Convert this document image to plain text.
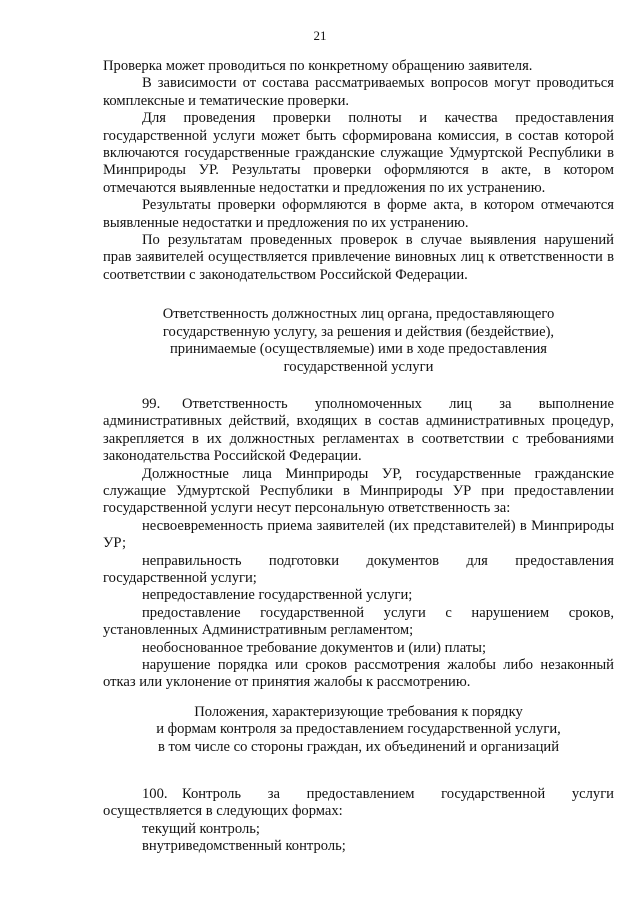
21

Проверка может проводиться по конкретному обращению заявителя.

В зависимости от состава рассматриваемых вопросов могут проводиться комплексные и тематические проверки.

Для проведения проверки полноты и качества предоставления государственной услуги может быть сформирована комиссия, в состав которой включаются государственные гражданские служащие Удмуртской Республики в Минприроды УР. Результаты проверки оформляются в акте, в котором отмечаются выявленные недостатки и предложения по их устранению.

Результаты проверки оформляются в форме акта, в котором отмечаются выявленные недостатки и предложения по их устранению.

По результатам проведенных проверок в случае выявления нарушений прав заявителей осуществляется привлечение виновных лиц к ответственности в соответствии с законодательством Российской Федерации.

Ответственность должностных лиц органа, предоставляющего
государственную услугу, за решения и действия (бездействие),
принимаемые (осуществляемые) ими в ходе предоставления
государственной услуги

99. Ответственность уполномоченных лиц за выполнение административных действий, входящих в состав административных процедур, закрепляется в их должностных регламентах в соответствии с требованиями законодательства Российской Федерации.

Должностные лица Минприроды УР, государственные гражданские служащие Удмуртской Республики в Минприроды УР при предоставлении государственной услуги несут персональную ответственность за:

несвоевременность приема заявителей (их представителей) в Минприроды УР;

неправильность подготовки документов для предоставления государственной услуги;

непредоставление государственной услуги;

предоставление государственной услуги с нарушением сроков, установленных Административным регламентом;

необоснованное требование документов и (или) платы;

нарушение порядка или сроков рассмотрения жалобы либо незаконный отказ или уклонение от принятия жалобы к рассмотрению.

Положения, характеризующие требования к порядку
и формам контроля за предоставлением государственной услуги,
в том числе со стороны граждан, их объединений и организаций

100. Контроль за предоставлением государственной услуги осуществляется в следующих формах:

текущий контроль;

внутриведомственный контроль;
